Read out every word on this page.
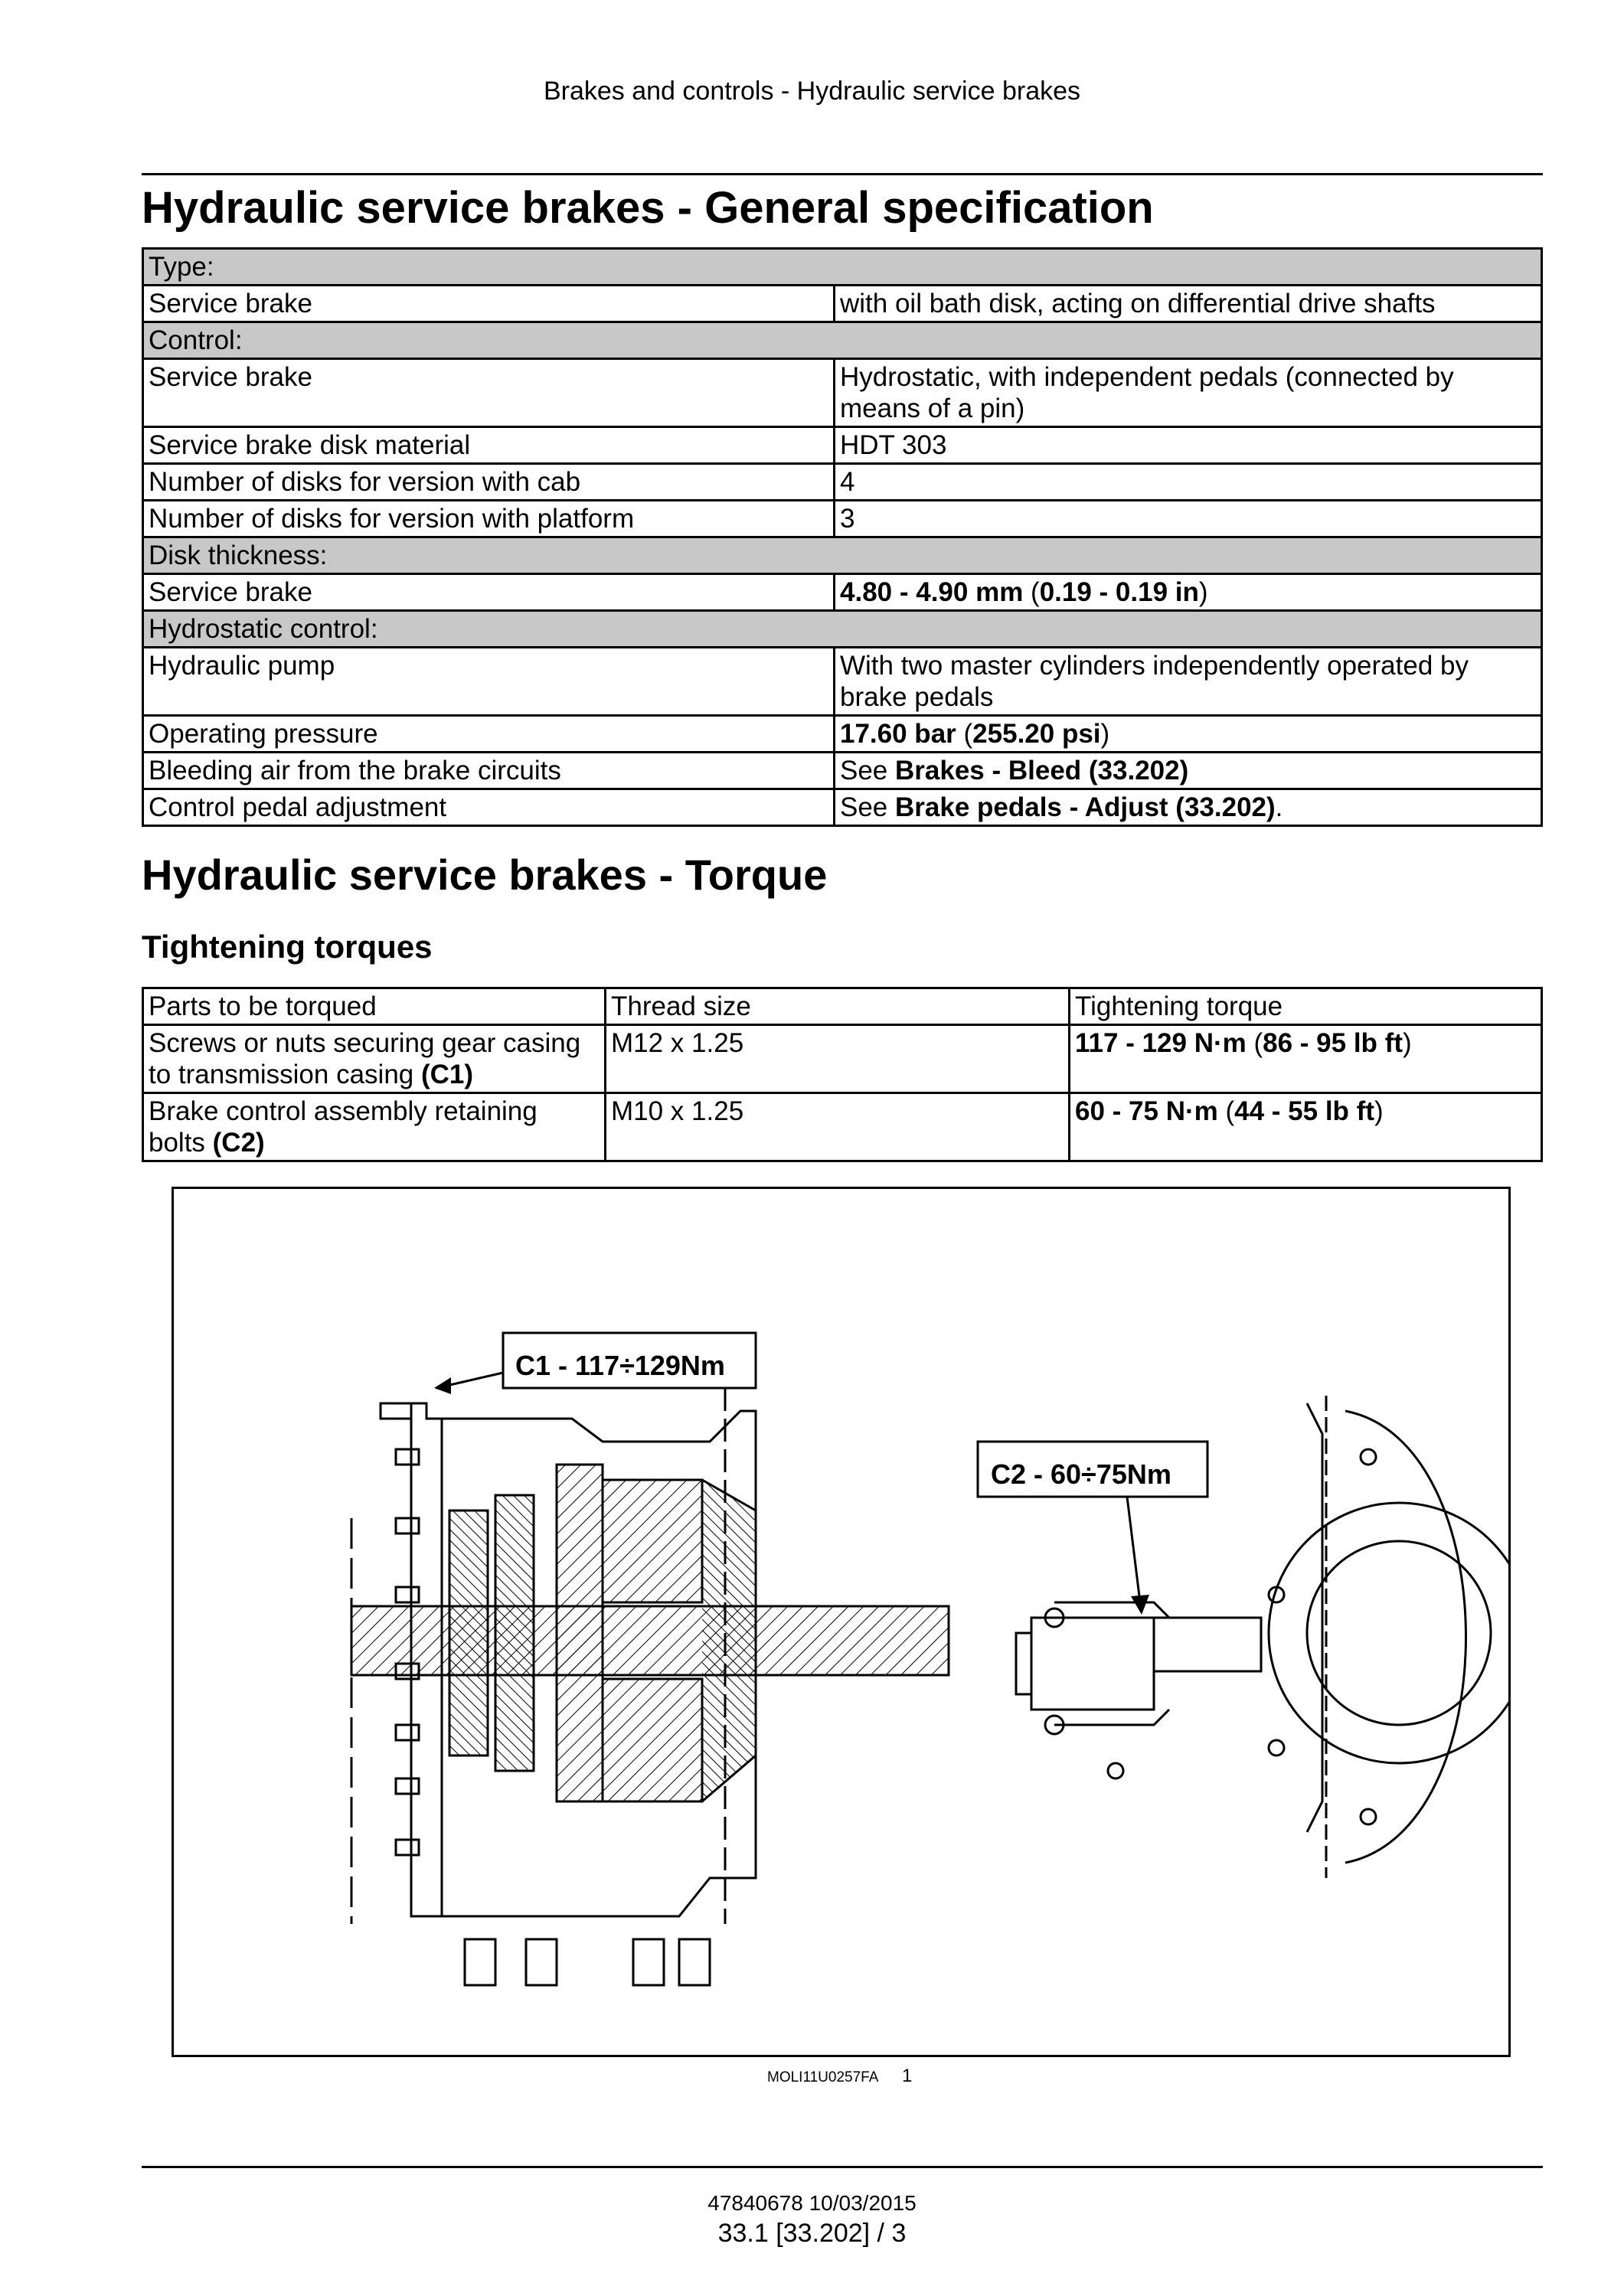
Brakes and controls - Hydraulic service brakes
Hydraulic service brakes - General specification
Type:	
Service brake	with oil bath disk, acting on differential drive shafts
Control:	
Service brake	Hydrostatic, with independent pedals (connected by means of a pin)
Service brake disk material	HDT 303
Number of disks for version with cab	4
Number of disks for version with platform	3
Disk thickness:	
Service brake	4.80 - 4.90 mm (0.19 - 0.19 in)
Hydrostatic control:	
Hydraulic pump	With two master cylinders independently operated by brake pedals
Operating pressure	17.60 bar (255.20 psi)
Bleeding air from the brake circuits	See Brakes - Bleed (33.202)
Control pedal adjustment	See Brake pedals - Adjust (33.202).
Hydraulic service brakes - Torque
Tightening torques
Parts to be torqued	Thread size	Tightening torque
Screws or nuts securing gear casing to transmission casing (C1)	M12 x 1.25	117 - 129 N·m (86 - 95 lb ft)
Brake control assembly retaining bolts (C2)	M10 x 1.25	60 - 75 N·m (44 - 55 lb ft)
C1 - 117÷129Nm
C2 - 60÷75Nm
MOLI11U0257FA 1
47840678 10/03/2015
33.1 [33.202] / 3
